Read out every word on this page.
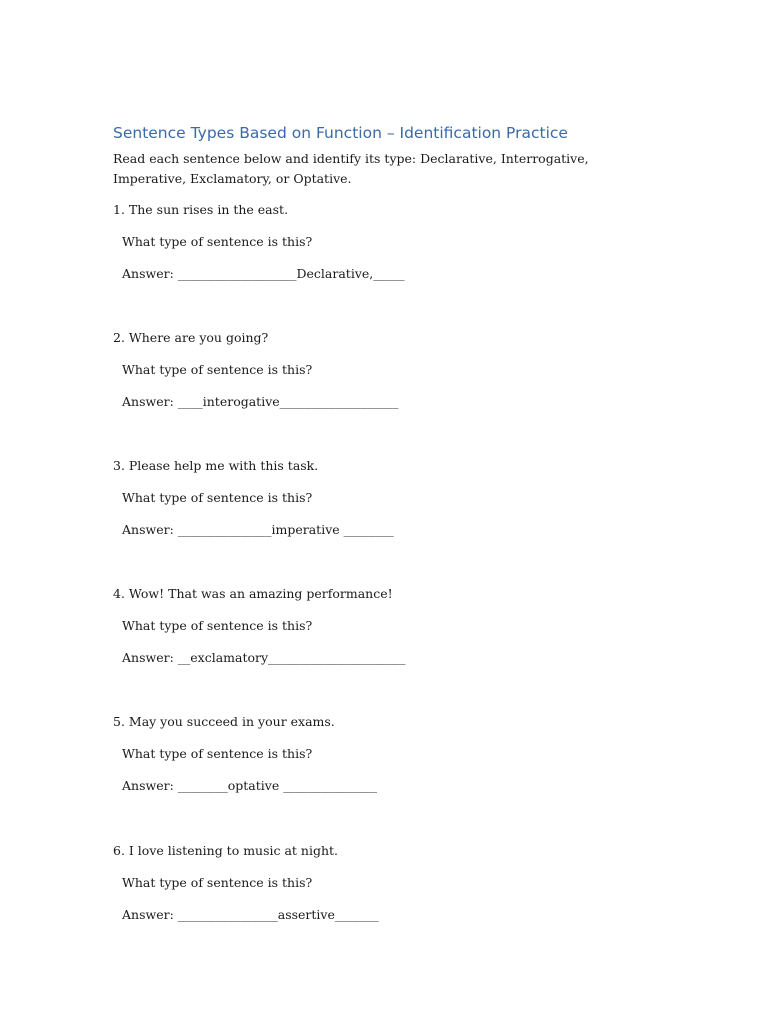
Sentence Types Based on Function – Identification Practice
Read each sentence below and identify its type: Declarative, Interrogative, Imperative, Exclamatory, or Optative.
1. The sun rises in the east.
What type of sentence is this?
Answer: ___________________Declarative,_____
2. Where are you going?
What type of sentence is this?
Answer: ____interogative___________________
3. Please help me with this task.
What type of sentence is this?
Answer: _______________imperative ________
4. Wow! That was an amazing performance!
What type of sentence is this?
Answer: __exclamatory______________________
5. May you succeed in your exams.
What type of sentence is this?
Answer: ________optative _______________
6. I love listening to music at night.
What type of sentence is this?
Answer: ________________assertive_______
